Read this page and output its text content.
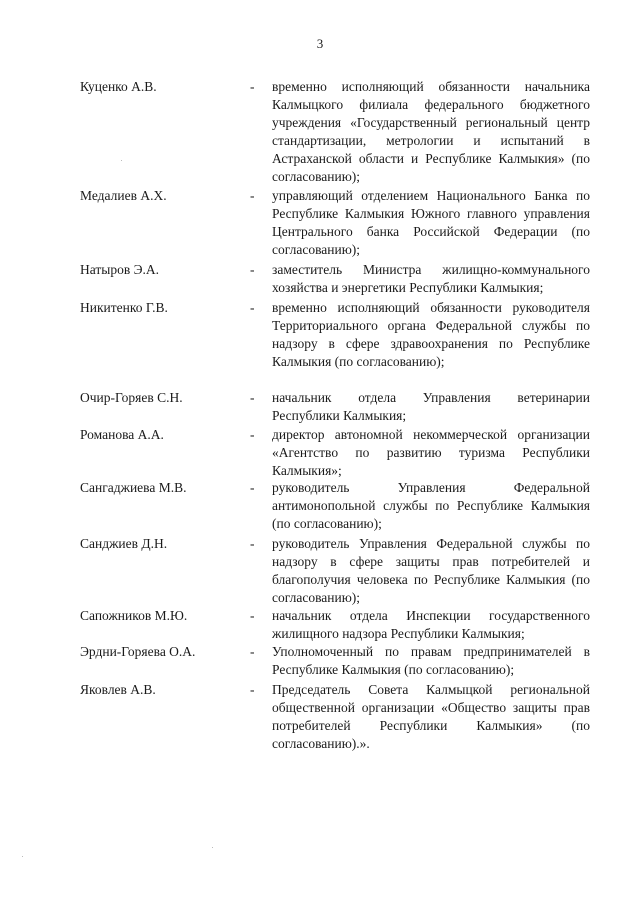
3
Куценко А.В.	- временно исполняющий обязанности начальника Калмыцкого филиала федерального бюджетного учреждения «Государственный региональный центр стандартизации, метрологии и испытаний в Астраханской области и Республике Калмыкия» (по согласованию);
Медалиев А.Х.	- управляющий отделением Национального Банка по Республике Калмыкия Южного главного управления Центрального банка Российской Федерации (по согласованию);
Натыров Э.А.	- заместитель Министра жилищно-коммунального хозяйства и энергетики Республики Калмыкия;
Никитенко Г.В.	- временно исполняющий обязанности руководителя Территориального органа Федеральной службы по надзору в сфере здравоохранения по Республике Калмыкия (по согласованию);
Очир-Горяев С.Н.	- начальник отдела Управления ветеринарии Республики Калмыкия;
Романова А.А.	- директор автономной некоммерческой организации «Агентство по развитию туризма Республики Калмыкия»;
Сангаджиева М.В.	- руководитель Управления Федеральной антимонопольной службы по Республике Калмыкия (по согласованию);
Санджиев Д.Н.	- руководитель Управления Федеральной службы по надзору в сфере защиты прав потребителей и благополучия человека по Республике Калмыкия (по согласованию);
Сапожников М.Ю.	- начальник отдела Инспекции государственного жилищного надзора Республики Калмыкия;
Эрдни-Горяева О.А.	- Уполномоченный по правам предпринимателей в Республике Калмыкия (по согласованию);
Яковлев А.В.	- Председатель Совета Калмыцкой региональной общественной организации «Общество защиты прав потребителей Республики Калмыкия» (по согласованию).».
